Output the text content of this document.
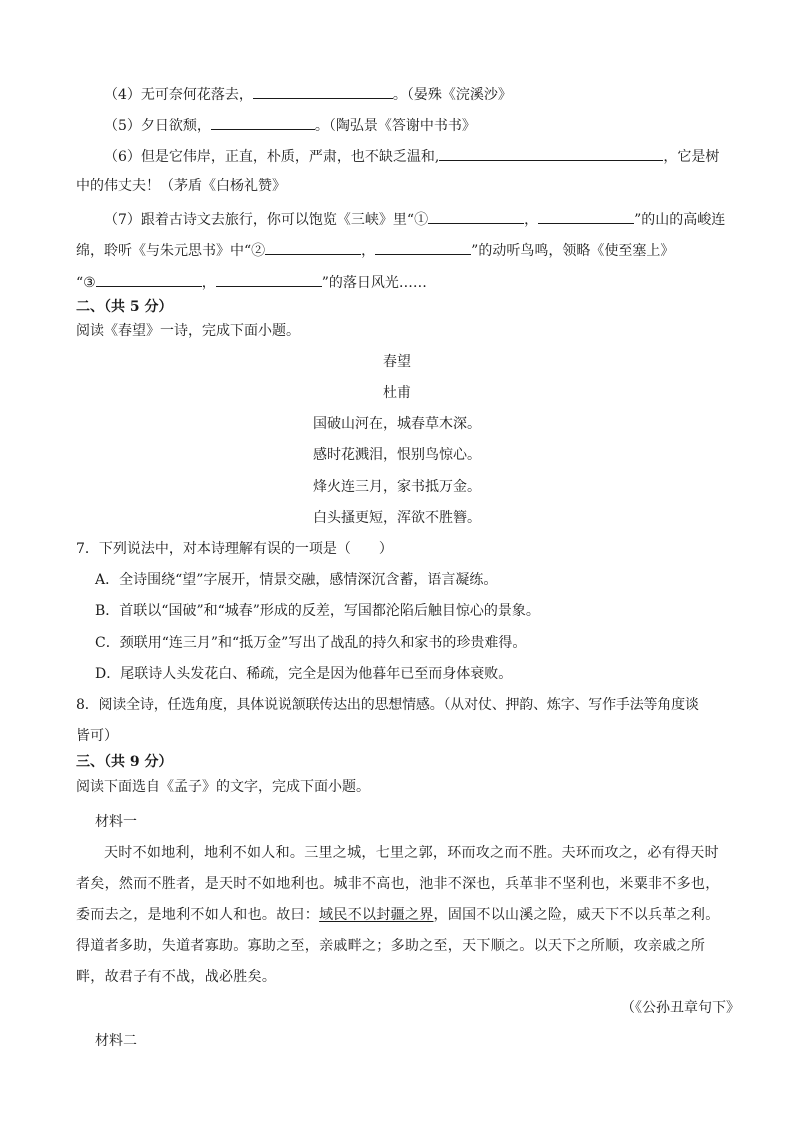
（4）无可奈何花落去，	。（晏殊《浣溪沙》
（5）夕日欲颓，	。（陶弘景《答谢中书书》
（6）但是它伟岸，正直，朴质，严肃，也不缺乏温和,	，它是树
中的伟丈夫！（茅盾《白杨礼赞》
（7）跟着古诗文去旅行，你可以饱览《三峡》里“①	，	”的山的高峻连
绵，聆听《与朱元思书》中“②	，	”的动听鸟鸣，领略《使至塞上》
“③	，	”的落日风光……
二、（共 5 分）
阅读《春望》一诗，完成下面小题。
春望
杜甫
国破山河在，城春草木深。
感时花溅泪，恨别鸟惊心。
烽火连三月，家书抵万金。
白头搔更短，浑欲不胜簪。
7．下列说法中，对本诗理解有误的一项是（　　）
A．全诗围绕“望”字展开，情景交融，感情深沉含蓄，语言凝练。
B．首联以“国破”和“城春”形成的反差，写国都沦陷后触目惊心的景象。
C．颈联用“连三月”和“抵万金”写出了战乱的持久和家书的珍贵难得。
D．尾联诗人头发花白、稀疏，完全是因为他暮年已至而身体衰败。
8．阅读全诗，任选角度，具体说说颔联传达出的思想情感。（从对仗、押韵、炼字、写作手法等角度谈
皆可）
三、（共 9 分）
阅读下面选自《孟子》的文字，完成下面小题。
材料一
天时不如地利，地利不如人和。三里之城，七里之郭，环而攻之而不胜。夫环而攻之，必有得天时
者矣，然而不胜者，是天时不如地利也。城非不高也，池非不深也，兵革非不坚利也，米粟非不多也，
委而去之，是地利不如人和也。故曰：域民不以封疆之界，固国不以山溪之险，威天下不以兵革之利。
得道者多助，失道者寡助。寡助之至，亲戚畔之；多助之至，天下顺之。以天下之所顺，攻亲戚之所
畔，故君子有不战，战必胜矣。
（《公孙丑章句下》
材料二
